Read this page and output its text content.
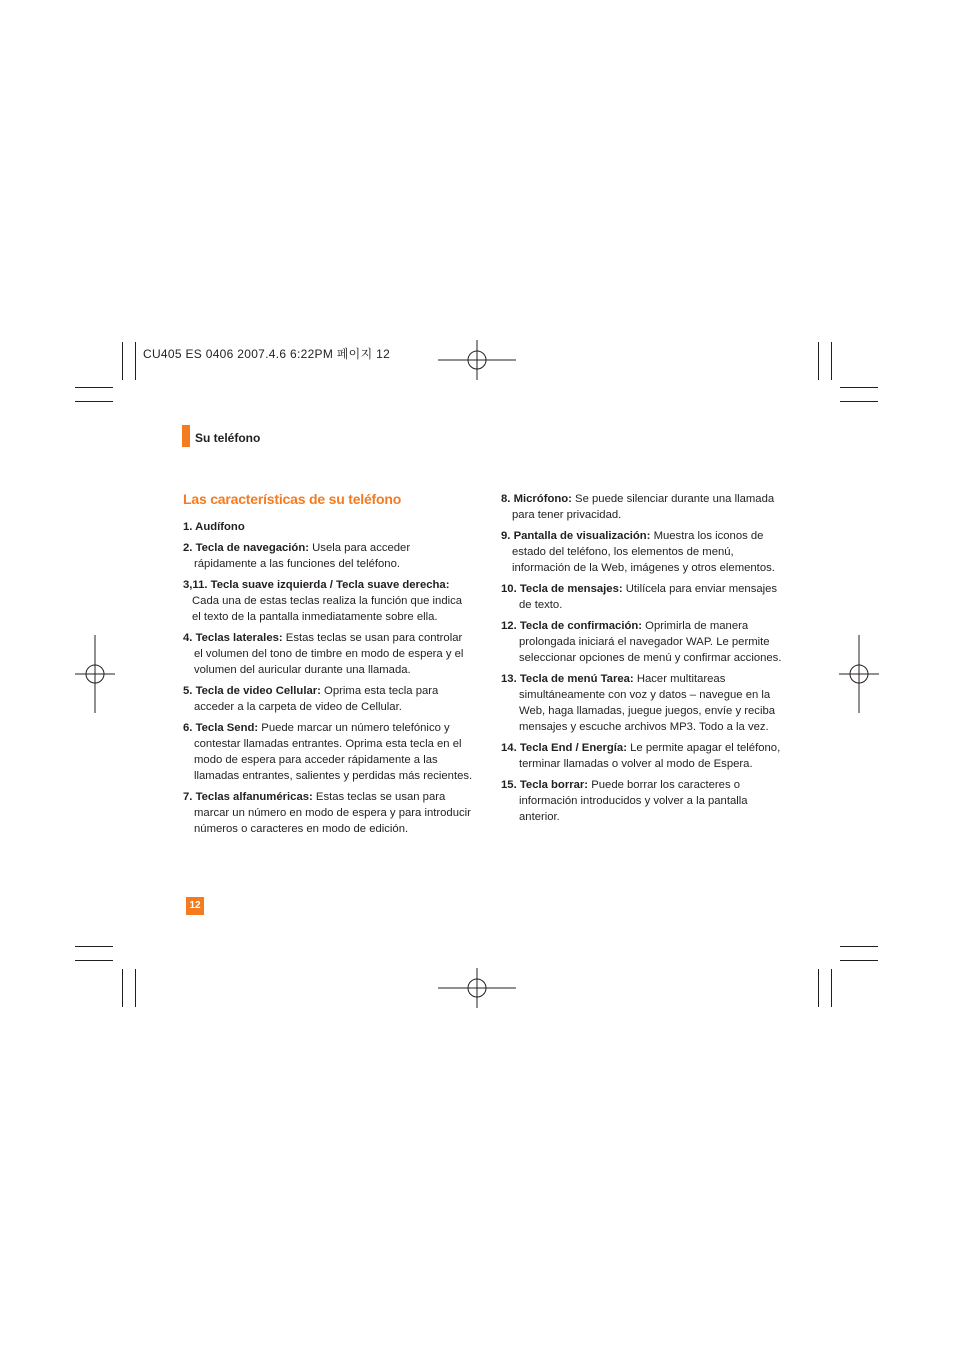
CU405 ES 0406 2007.4.6 6:22PM 페이지 12
Su teléfono
Las características de su teléfono
1. Audífono
2. Tecla de navegación: Usela para acceder rápidamente a las funciones del teléfono.
3,11. Tecla suave izquierda / Tecla suave derecha:
Cada una de estas teclas realiza la función que indica el texto de la pantalla inmediatamente sobre ella.
4. Teclas laterales: Estas teclas se usan para controlar el volumen del tono de timbre en modo de espera y el volumen del auricular durante una llamada.
5. Tecla de video Cellular: Oprima esta tecla para acceder a la carpeta de video de Cellular.
6. Tecla Send: Puede marcar un número telefónico y contestar llamadas entrantes. Oprima esta tecla en el modo de espera para acceder rápidamente a las llamadas entrantes, salientes y perdidas más recientes.
7. Teclas alfanuméricas: Estas teclas se usan para marcar un número en modo de espera y para introducir números o caracteres en modo de edición.
8. Micrófono: Se puede silenciar durante una llamada para tener privacidad.
9. Pantalla de visualización: Muestra los iconos de estado del teléfono, los elementos de menú, información de la Web, imágenes y otros elementos.
10. Tecla de mensajes: Utilícela para enviar mensajes de texto.
12. Tecla de confirmación: Oprimirla de manera prolongada iniciará el navegador WAP. Le permite seleccionar opciones de menú y confirmar acciones.
13. Tecla de menú Tarea: Hacer multitareas simultáneamente con voz y datos – navegue en la Web, haga llamadas, juegue juegos, envíe y reciba mensajes y escuche archivos MP3. Todo a la vez.
14. Tecla End / Energía: Le permite apagar el teléfono, terminar llamadas o volver al modo de Espera.
15. Tecla borrar: Puede borrar los caracteres o información introducidos y volver a la pantalla anterior.
12
